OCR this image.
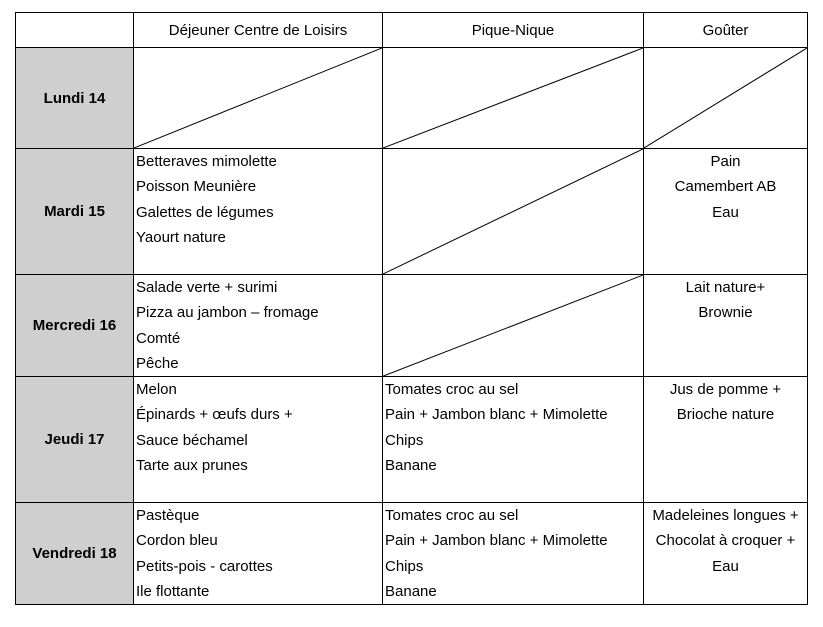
	Déjeuner Centre de Loisirs	Pique-Nique	Goûter
Lundi 14	

Mardi 15	Betteraves mimolette
Poisson Meunière
Galettes de légumes
Yaourt nature		Pain
Camembert AB
Eau

Mercredi 16	Salade verte + surimi
Pizza au jambon – fromage
Comté
Pêche		Lait nature+
Brownie

Jeudi 17	Melon
Épinards + œufs durs +
Sauce béchamel
Tarte aux prunes	Tomates croc au sel
Pain + Jambon blanc + Mimolette
Chips
Banane	Jus de pomme +
Brioche nature

Vendredi 18	Pastèque
Cordon bleu
Petits-pois - carottes
Ile flottante	Tomates croc au sel
Pain + Jambon blanc + Mimolette
Chips
Banane	Madeleines longues +
Chocolat à croquer +
Eau
